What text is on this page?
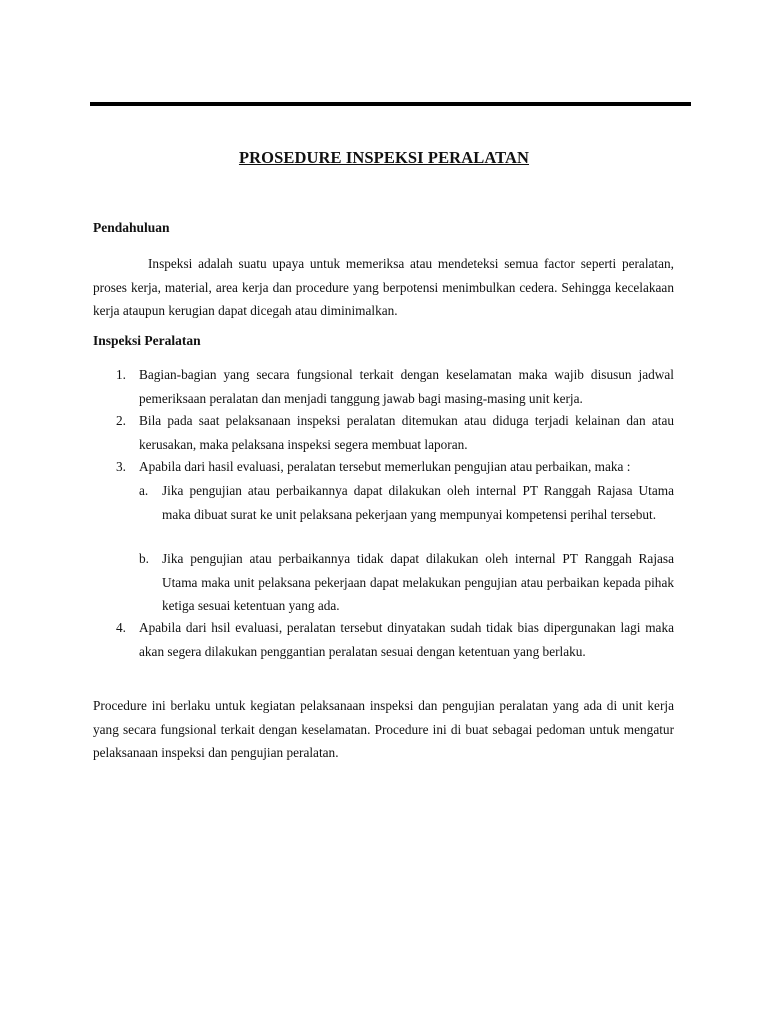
PROSEDURE INSPEKSI PERALATAN
Pendahuluan

Inspeksi adalah suatu upaya untuk memeriksa atau mendeteksi semua factor seperti peralatan, proses kerja, material, area kerja dan procedure yang berpotensi menimbulkan cedera. Sehingga kecelakaan kerja ataupun kerugian dapat dicegah atau diminimalkan.

Inspeksi Peralatan
1. Bagian-bagian yang secara fungsional terkait dengan keselamatan maka wajib disusun jadwal pemeriksaan peralatan dan menjadi tanggung jawab bagi masing-masing unit kerja.

2. Bila pada saat pelaksanaan inspeksi peralatan ditemukan atau diduga terjadi kelainan dan atau kerusakan, maka pelaksana inspeksi segera membuat laporan.

3. Apabila dari hasil evaluasi, peralatan tersebut memerlukan pengujian atau perbaikan, maka :

a. Jika pengujian atau perbaikannya dapat dilakukan oleh internal PT Ranggah Rajasa Utama maka dibuat surat ke unit pelaksana pekerjaan yang mempunyai kompetensi perihal tersebut.

b. Jika pengujian atau perbaikannya tidak dapat dilakukan oleh internal PT Ranggah Rajasa Utama maka unit pelaksana pekerjaan dapat melakukan pengujian atau perbaikan kepada pihak ketiga sesuai ketentuan yang ada.

4. Apabila dari hsil evaluasi, peralatan tersebut dinyatakan sudah tidak bias dipergunakan lagi maka akan segera dilakukan penggantian peralatan sesuai dengan ketentuan yang berlaku.

Procedure ini berlaku untuk kegiatan pelaksanaan inspeksi dan pengujian peralatan yang ada di unit kerja yang secara fungsional terkait dengan keselamatan. Procedure ini di buat sebagai pedoman untuk mengatur pelaksanaan inspeksi dan pengujian peralatan.
